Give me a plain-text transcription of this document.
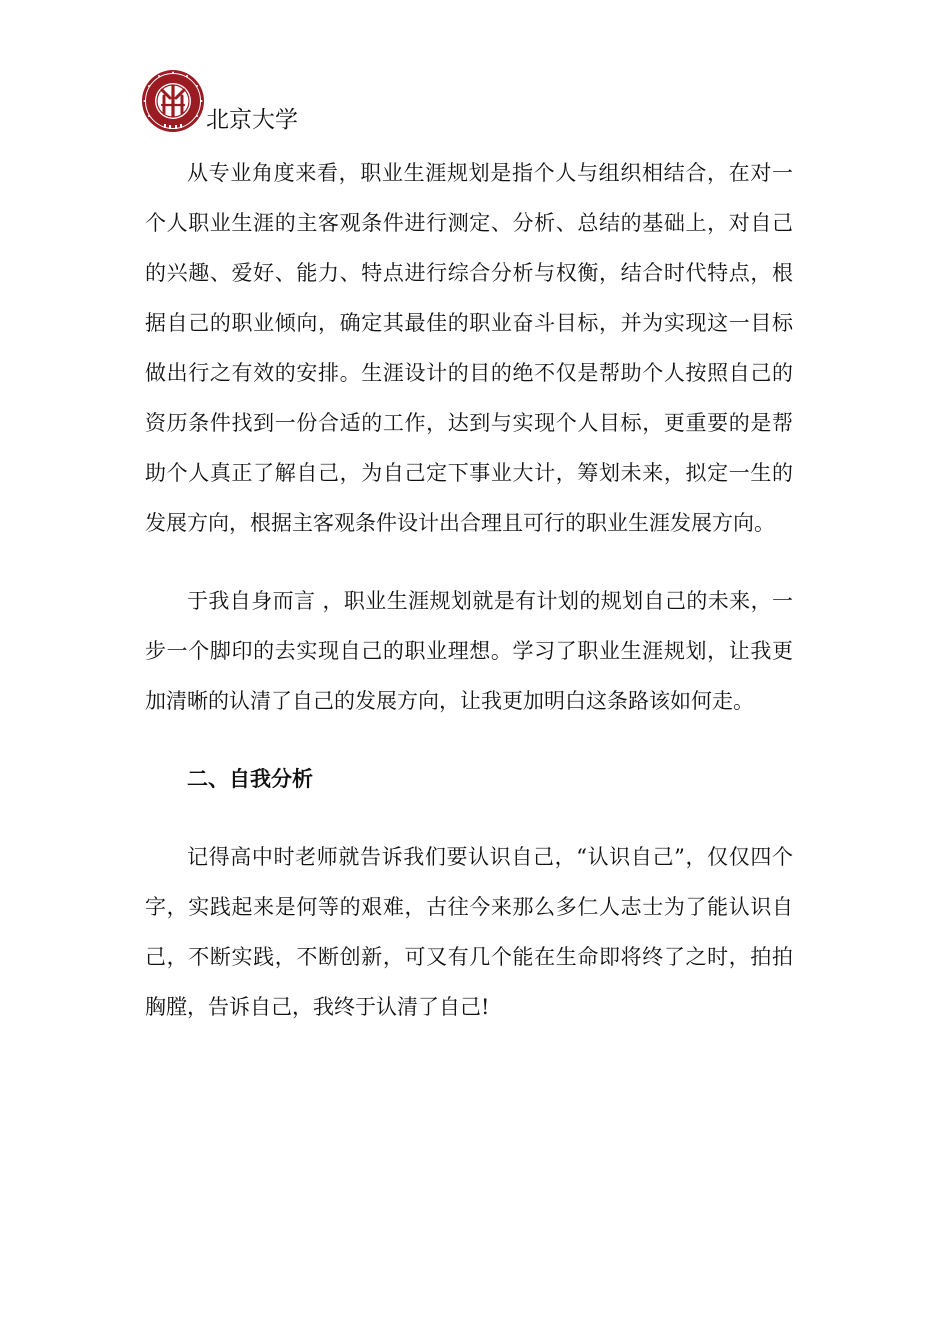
北京大学

从专业角度来看，职业生涯规划是指个人与组织相结合，在对一个人职业生涯的主客观条件进行测定、分析、总结的基础上，对自己的兴趣、爱好、能力、特点进行综合分析与权衡，结合时代特点，根据自己的职业倾向，确定其最佳的职业奋斗目标，并为实现这一目标做出行之有效的安排。生涯设计的目的绝不仅是帮助个人按照自己的资历条件找到一份合适的工作，达到与实现个人目标，更重要的是帮助个人真正了解自己，为自己定下事业大计，筹划未来，拟定一生的发展方向，根据主客观条件设计出合理且可行的职业生涯发展方向。

于我自身而言 ，职业生涯规划就是有计划的规划自己的未来，一步一个脚印的去实现自己的职业理想。学习了职业生涯规划，让我更加清晰的认清了自己的发展方向，让我更加明白这条路该如何走。

二、自我分析

记得高中时老师就告诉我们要认识自己，“认识自己”，仅仅四个字，实践起来是何等的艰难，古往今来那么多仁人志士为了能认识自己，不断实践，不断创新，可又有几个能在生命即将终了之时，拍拍胸膛，告诉自己，我终于认清了自己!
